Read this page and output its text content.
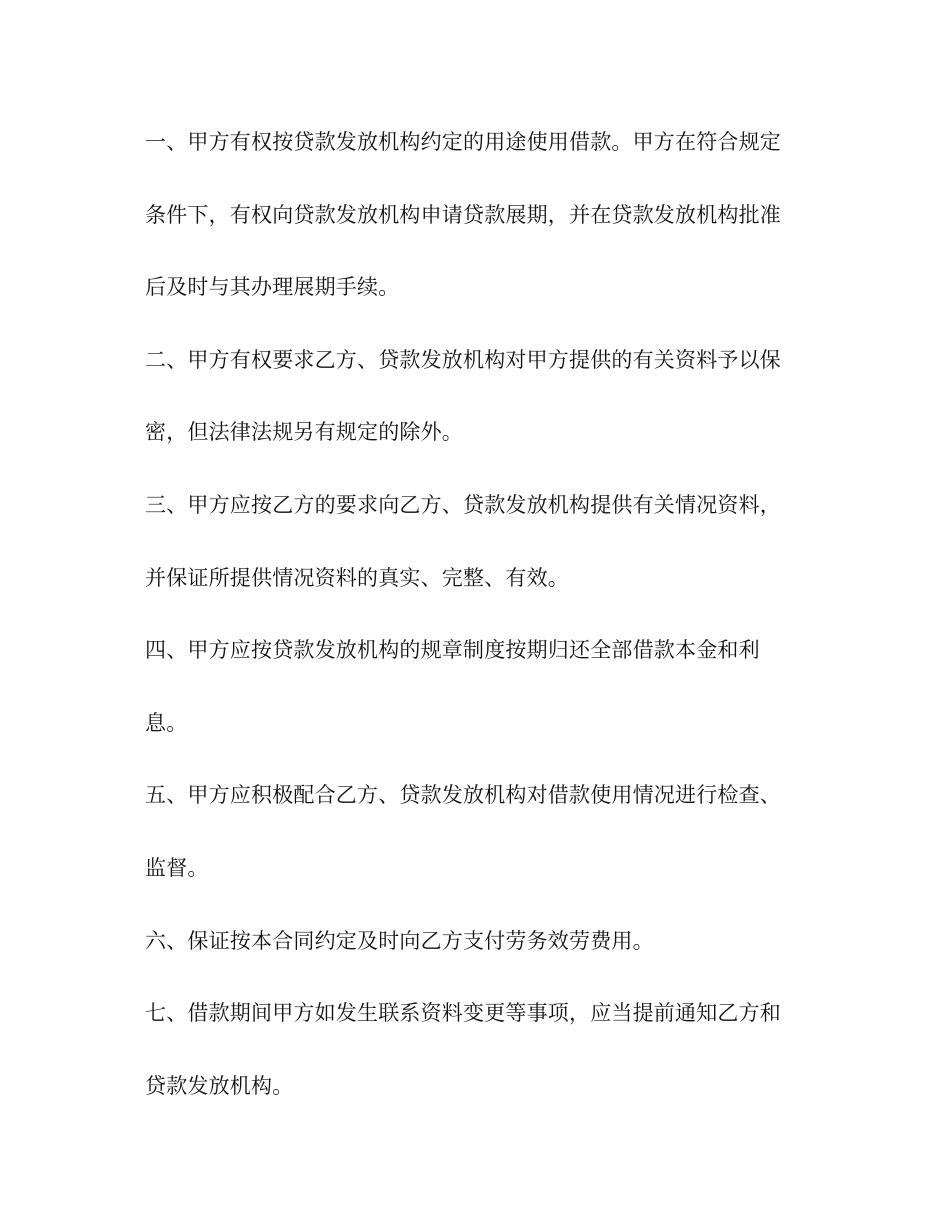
一、甲方有权按贷款发放机构约定的用途使用借款。甲方在符合规定
条件下，有权向贷款发放机构申请贷款展期，并在贷款发放机构批准
后及时与其办理展期手续。
二、甲方有权要求乙方、贷款发放机构对甲方提供的有关资料予以保
密，但法律法规另有规定的除外。
三、甲方应按乙方的要求向乙方、贷款发放机构提供有关情况资料，
并保证所提供情况资料的真实、完整、有效。
四、甲方应按贷款发放机构的规章制度按期归还全部借款本金和利
息。
五、甲方应积极配合乙方、贷款发放机构对借款使用情况进行检查、
监督。
六、保证按本合同约定及时向乙方支付劳务效劳费用。
七、借款期间甲方如发生联系资料变更等事项，应当提前通知乙方和
贷款发放机构。
